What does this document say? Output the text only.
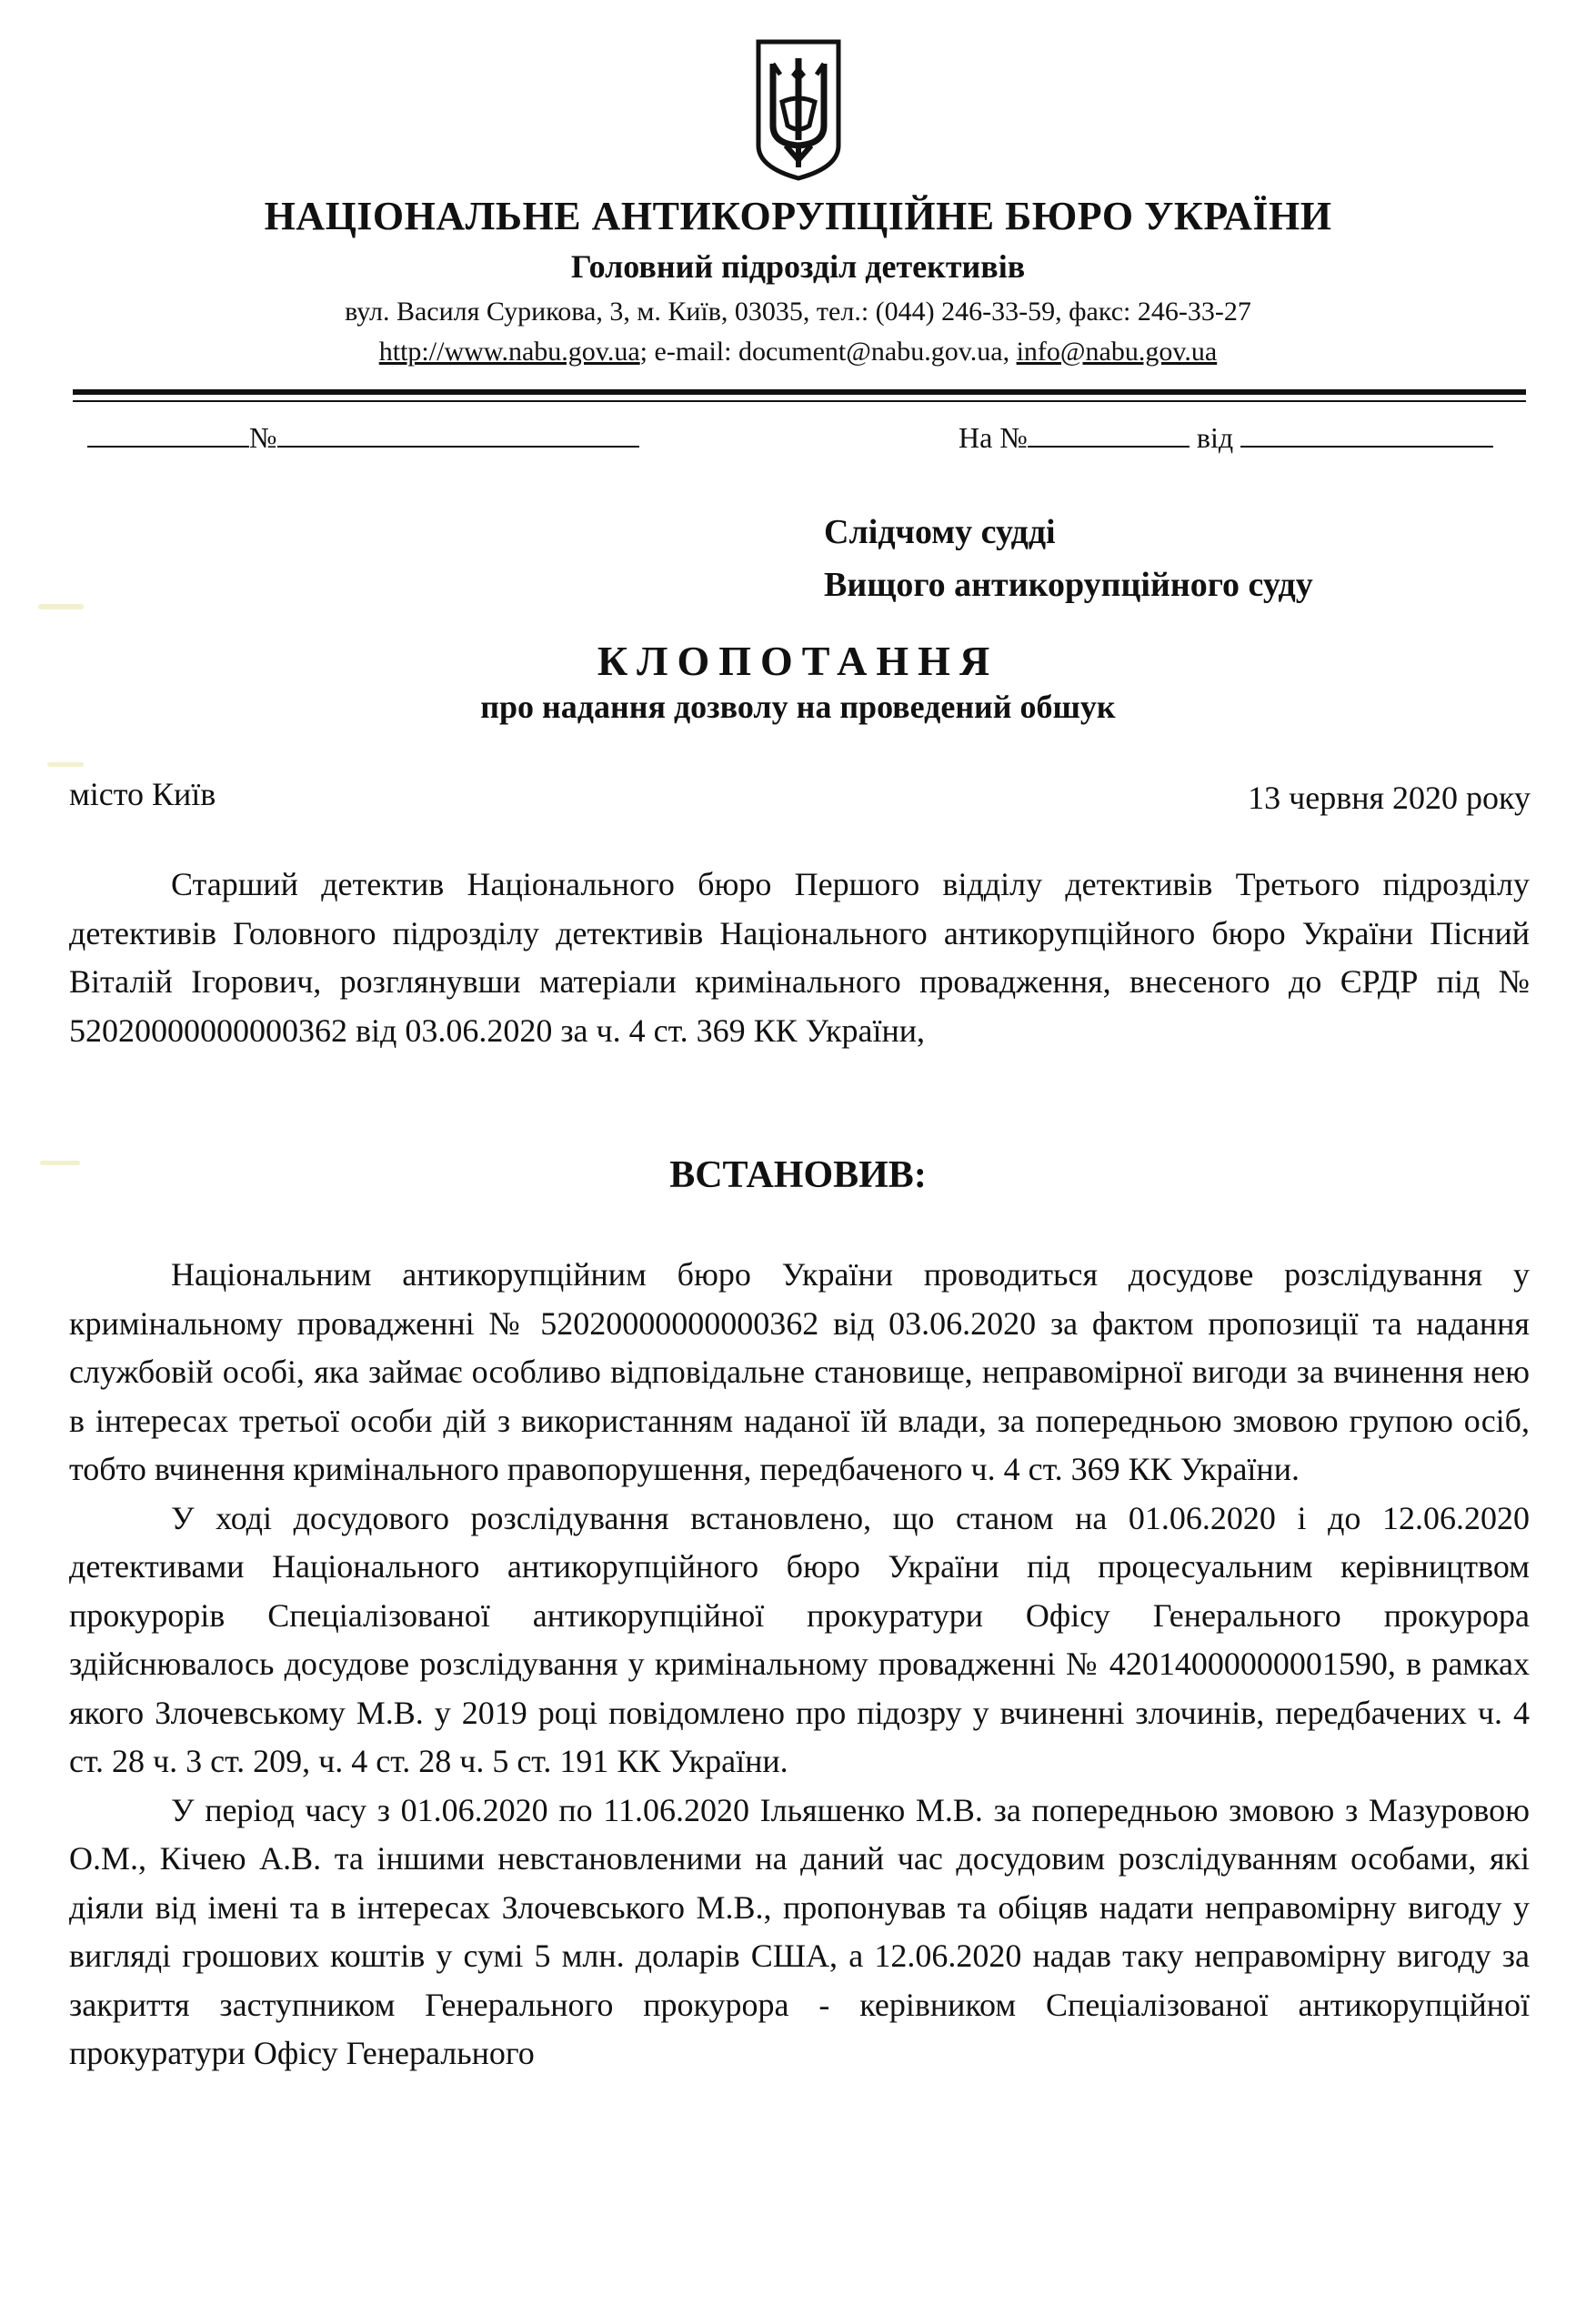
НАЦІОНАЛЬНЕ АНТИКОРУПЦІЙНЕ БЮРО УКРАЇНИ
Головний підрозділ детективів
вул. Василя Сурикова, 3, м. Київ, 03035, тел.: (044) 246-33-59, факс: 246-33-27
http://www.nabu.gov.ua; e-mail: document@nabu.gov.ua, info@nabu.gov.ua
№	На №	від
Слідчому судді
Вищого антикорупційного суду
КЛОПОТАННЯ
про надання дозволу на проведений обшук
місто Київ	13 червня 2020 року

Старший детектив Національного бюро Першого відділу детективів Третього підрозділу детективів Головного підрозділу детективів Національного антикорупційного бюро України Пісний Віталій Ігорович, розглянувши матеріали кримінального провадження, внесеного до ЄРДР під № 52020000000000362 від 03.06.2020 за ч. 4 ст. 369 КК України,

ВСТАНОВИВ:

Національним антикорупційним бюро України проводиться досудове розслідування у кримінальному провадженні № 52020000000000362 від 03.06.2020 за фактом пропозиції та надання службовій особі, яка займає особливо відповідальне становище, неправомірної вигоди за вчинення нею в інтересах третьої особи дій з використанням наданої їй влади, за попередньою змовою групою осіб, тобто вчинення кримінального правопорушення, передбаченого ч. 4 ст. 369 КК України.

У ході досудового розслідування встановлено, що станом на 01.06.2020 і до 12.06.2020 детективами Національного антикорупційного бюро України під процесуальним керівництвом прокурорів Спеціалізованої антикорупційної прокуратури Офісу Генерального прокурора здійснювалось досудове розслідування у кримінальному провадженні № 42014000000001590, в рамках якого Злочевському М.В. у 2019 році повідомлено про підозру у вчиненні злочинів, передбачених ч. 4 ст. 28 ч. 3 ст. 209, ч. 4 ст. 28 ч. 5 ст. 191 КК України.

У період часу з 01.06.2020 по 11.06.2020 Ільяшенко М.В. за попередньою змовою з Мазуровою О.М., Кічею А.В. та іншими невстановленими на даний час досудовим розслідуванням особами, які діяли від імені та в інтересах Злочевського М.В., пропонував та обіцяв надати неправомірну вигоду у вигляді грошових коштів у сумі 5 млн. доларів США, а 12.06.2020 надав таку неправомірну вигоду за закриття заступником Генерального прокурора - керівником Спеціалізованої антикорупційної прокуратури Офісу Генерального
